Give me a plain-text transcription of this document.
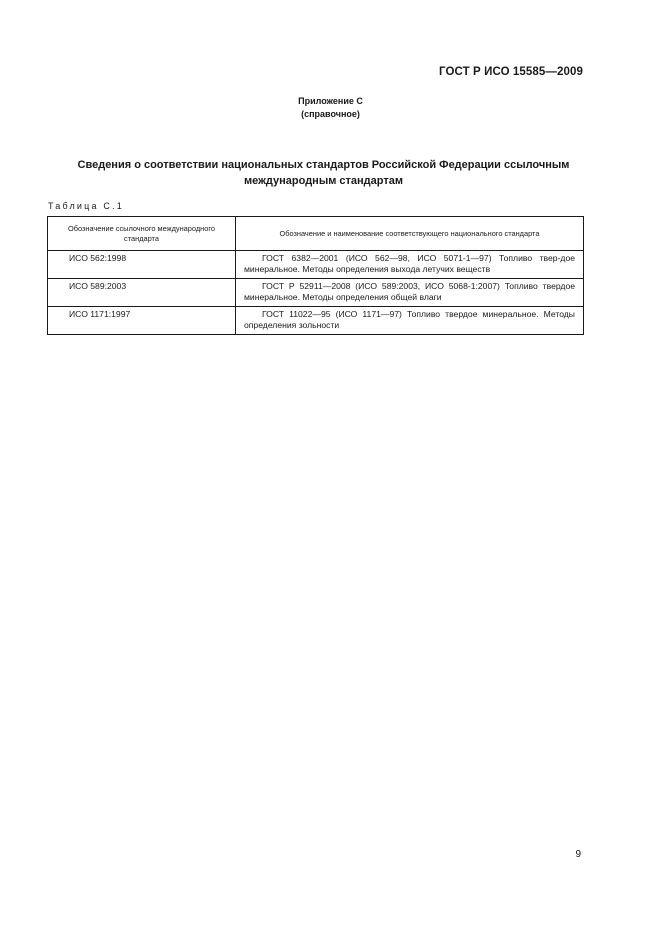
ГОСТ Р ИСО 15585—2009
Приложение С
(справочное)
Сведения о соответствии национальных стандартов Российской Федерации ссылочным
международным стандартам
Таблица С.1
Обозначение ссылочного международного стандарта	Обозначение и наименование соответствующего национального стандарта
ИСО 562:1998	ГОСТ 6382—2001 (ИСО 562—98, ИСО 5071-1—97) Топливо твер-дое минеральное. Методы определения выхода летучих веществ
ИСО 589:2003	ГОСТ Р 52911—2008 (ИСО 589:2003, ИСО 5068-1:2007) Топливо твердое минеральное. Методы определения общей влаги
ИСО 1171:1997	ГОСТ 11022—95 (ИСО 1171—97) Топливо твердое минеральное. Методы определения зольности
9
